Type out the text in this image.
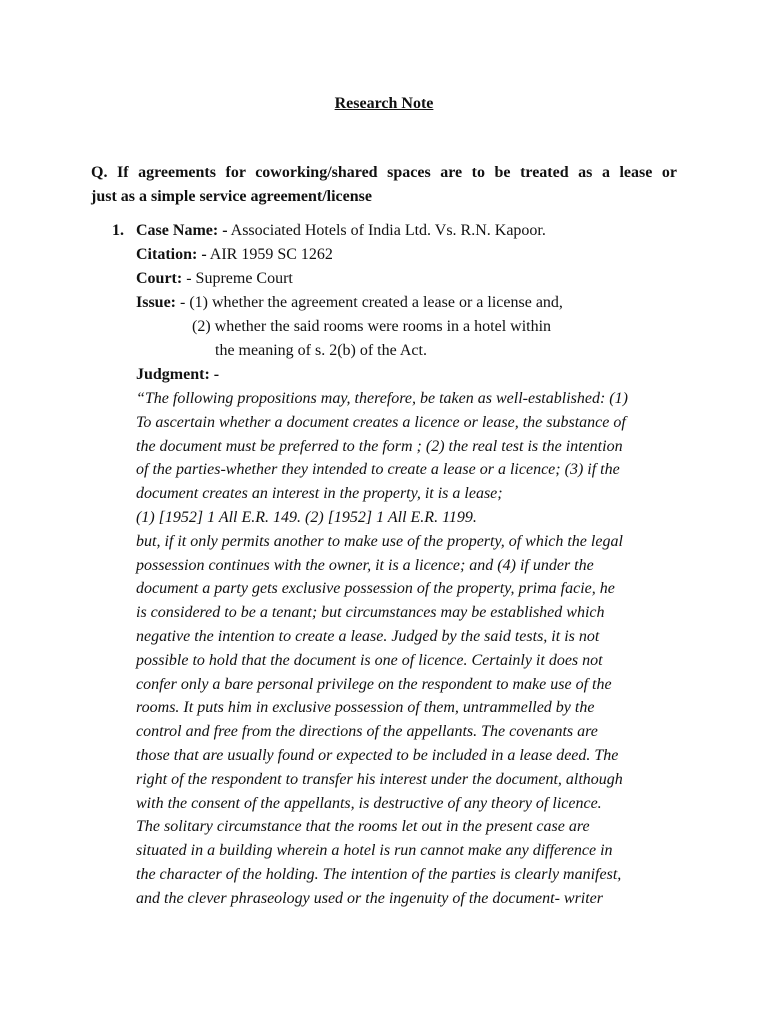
Research Note
Q. If agreements for coworking/shared spaces are to be treated as a lease or
just as a simple service agreement/license
1. Case Name: - Associated Hotels of India Ltd. Vs. R.N. Kapoor.
Citation: - AIR 1959 SC 1262
Court: - Supreme Court
Issue: - (1) whether the agreement created a lease or a license and,
(2) whether the said rooms were rooms in a hotel within
the meaning of s. 2(b) of the Act.
Judgment: -
“The following propositions may, therefore, be taken as well-established: (1)
To ascertain whether a document creates a licence or lease, the substance of
the document must be preferred to the form ; (2) the real test is the intention
of the parties-whether they intended to create a lease or a licence; (3) if the
document creates an interest in the property, it is a lease;
(1) [1952] 1 All E.R. 149. (2) [1952] 1 All E.R. 1199.
but, if it only permits another to make use of the property, of which the legal
possession continues with the owner, it is a licence; and (4) if under the
document a party gets exclusive possession of the property, prima facie, he
is considered to be a tenant; but circumstances may be established which
negative the intention to create a lease. Judged by the said tests, it is not
possible to hold that the document is one of licence. Certainly it does not
confer only a bare personal privilege on the respondent to make use of the
rooms. It puts him in exclusive possession of them, untrammelled by the
control and free from the directions of the appellants. The covenants are
those that are usually found or expected to be included in a lease deed. The
right of the respondent to transfer his interest under the document, although
with the consent of the appellants, is destructive of any theory of licence.
The solitary circumstance that the rooms let out in the present case are
situated in a building wherein a hotel is run cannot make any difference in
the character of the holding. The intention of the parties is clearly manifest,
and the clever phraseology used or the ingenuity of the document- writer
